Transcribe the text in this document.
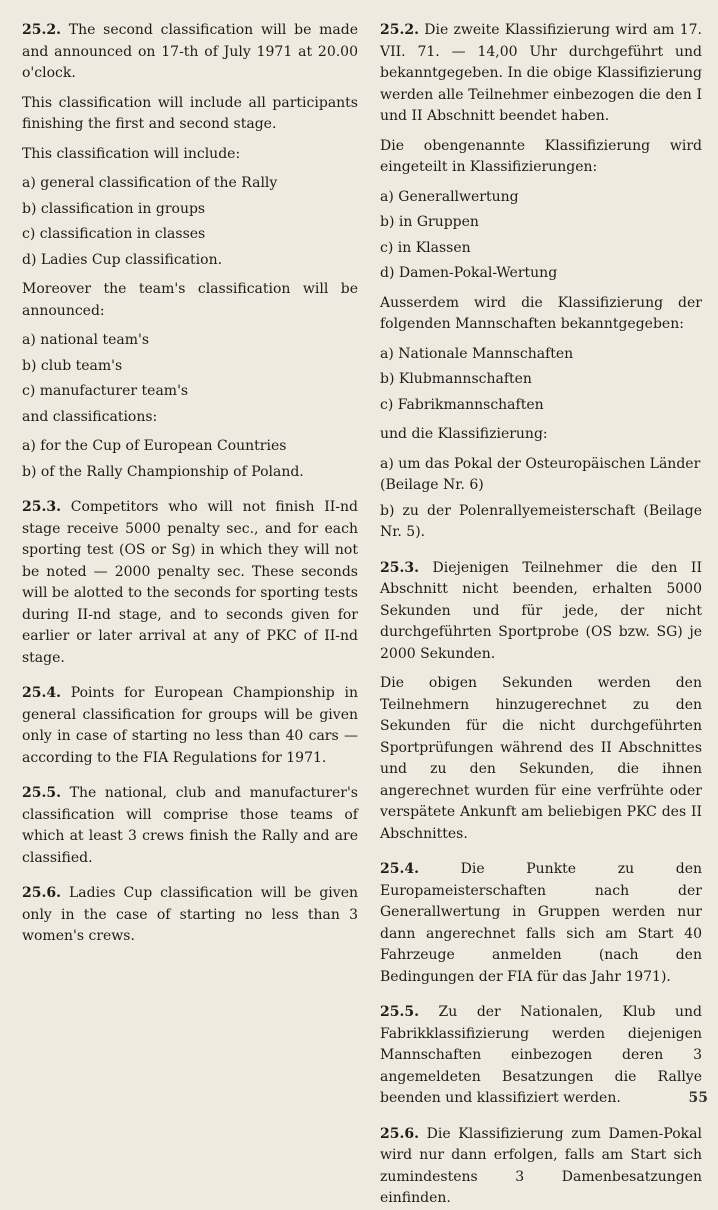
25.2. The second classification will be made and announced on 17-th of July 1971 at 20.00 o'clock.

This classification will include all participants finishing the first and second stage.

This classification will include:

a) general classification of the Rally

b) classification in groups

c) classification in classes

d) Ladies Cup classification.

Moreover the team's classification will be announced:

a) national team's

b) club team's

c) manufacturer team's

and classifications:

a) for the Cup of European Countries

b) of the Rally Championship of Poland.

25.3. Competitors who will not finish II-nd stage receive 5000 penalty sec., and for each sporting test (OS or Sg) in which they will not be noted — 2000 penalty sec. These seconds will be alotted to the seconds for sporting tests during II-nd stage, and to seconds given for earlier or later arrival at any of PKC of II-nd stage.

25.4. Points for European Championship in general classification for groups will be given only in case of starting no less than 40 cars — according to the FIA Regulations for 1971.

25.5. The national, club and manufacturer's classification will comprise those teams of which at least 3 crews finish the Rally and are classified.

25.6. Ladies Cup classification will be given only in the case of starting no less than 3 women's crews.

25.2. Die zweite Klassifizierung wird am 17. VII. 71. — 14,00 Uhr durchgeführt und bekanntgegeben. In die obige Klassifizierung werden alle Teilnehmer einbezogen die den I und II Abschnitt beendet haben.

Die obengenannte Klassifizierung wird eingeteilt in Klassifizierungen:

a) Generallwertung

b) in Gruppen

c) in Klassen

d) Damen-Pokal-Wertung

Ausserdem wird die Klassifizierung der folgenden Mannschaften bekanntgegeben:

a) Nationale Mannschaften

b) Klubmannschaften

c) Fabrikmannschaften

und die Klassifizierung:

a) um das Pokal der Osteuropäischen Länder (Beilage Nr. 6)

b) zu der Polenrallyemeisterschaft (Beilage Nr. 5).

25.3. Diejenigen Teilnehmer die den II Abschnitt nicht beenden, erhalten 5000 Sekunden und für jede, der nicht durchgeführten Sportprobe (OS bzw. SG) je 2000 Sekunden.

Die obigen Sekunden werden den Teilnehmern hinzugerechnet zu den Sekunden für die nicht durchgeführten Sportprüfungen während des II Abschnittes und zu den Sekunden, die ihnen angerechnet wurden für eine verfrühte oder verspätete Ankunft am beliebigen PKC des II Abschnittes.

25.4.	Die Punkte zu den Europameisterschaften nach der Generallwertung in Gruppen werden nur dann angerechnet falls sich am Start 40 Fahrzeuge anmelden (nach den Bedingungen der FIA für das Jahr 1971).

25.5. Zu der Nationalen, Klub und Fabrikklassifizierung werden diejenigen Mannschaften einbezogen deren 3 angemeldeten Besatzungen die Rallye beenden und klassifiziert werden.

25.6. Die Klassifizierung zum Damen-Pokal wird nur dann erfolgen, falls am Start sich zumindestens 3 Damenbesatzungen einfinden.

55
